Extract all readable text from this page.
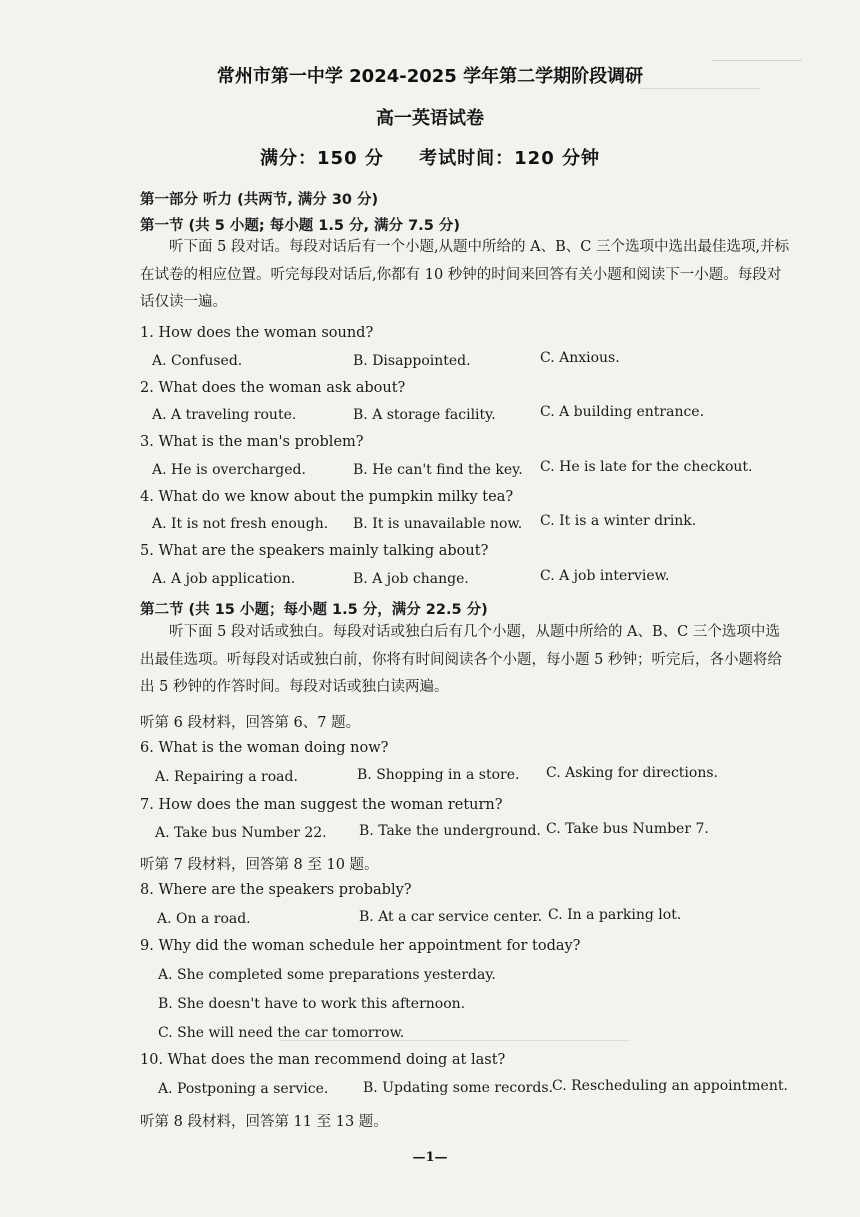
常州市第一中学 2024-2025 学年第二学期阶段调研
高一英语试卷
满分：150 分 考试时间：120 分钟
第一部分 听力 (共两节, 满分 30 分)
第一节 (共 5 小题; 每小题 1.5 分, 满分 7.5 分)
听下面 5 段对话。每段对话后有一个小题,从题中所给的 A、B、C 三个选项中选出最佳选项,并标在试卷的相应位置。听完每段对话后,你都有 10 秒钟的时间来回答有关小题和阅读下一小题。每段对话仅读一遍。
1. How does the woman sound?
A. Confused.	B. Disappointed.	C. Anxious.
2. What does the woman ask about?
A. A traveling route.	B. A storage facility.	C. A building entrance.
3. What is the man's problem?
A. He is overcharged.	B. He can't find the key. C. He is late for the checkout.
4. What do we know about the pumpkin milky tea?
A. It is not fresh enough. B. It is unavailable now. C. It is a winter drink.
5. What are the speakers mainly talking about?
A. A job application.	B. A job change.	C. A job interview.
第二节 (共 15 小题；每小题 1.5 分，满分 22.5 分)
听下面 5 段对话或独白。每段对话或独白后有几个小题，从题中所给的 A、B、C 三个选项中选出最佳选项。听每段对话或独白前，你将有时间阅读各个小题，每小题 5 秒钟；听完后，各小题将给出 5 秒钟的作答时间。每段对话或独白读两遍。
听第 6 段材料，回答第 6、7 题。
6. What is the woman doing now?
A. Repairing a road.	B. Shopping in a store. C. Asking for directions.
7. How does the man suggest the woman return?
A. Take bus Number 22. B. Take the underground. C. Take bus Number 7.
听第 7 段材料，回答第 8 至 10 题。
8. Where are the speakers probably?
A. On a road.	B. At a car service center. C. In a parking lot.
9. Why did the woman schedule her appointment for today?
A. She completed some preparations yesterday.
B. She doesn't have to work this afternoon.
C. She will need the car tomorrow.
10. What does the man recommend doing at last?
A. Postponing a service. B. Updating some records. C. Rescheduling an appointment.
听第 8 段材料，回答第 11 至 13 题。
—1—
